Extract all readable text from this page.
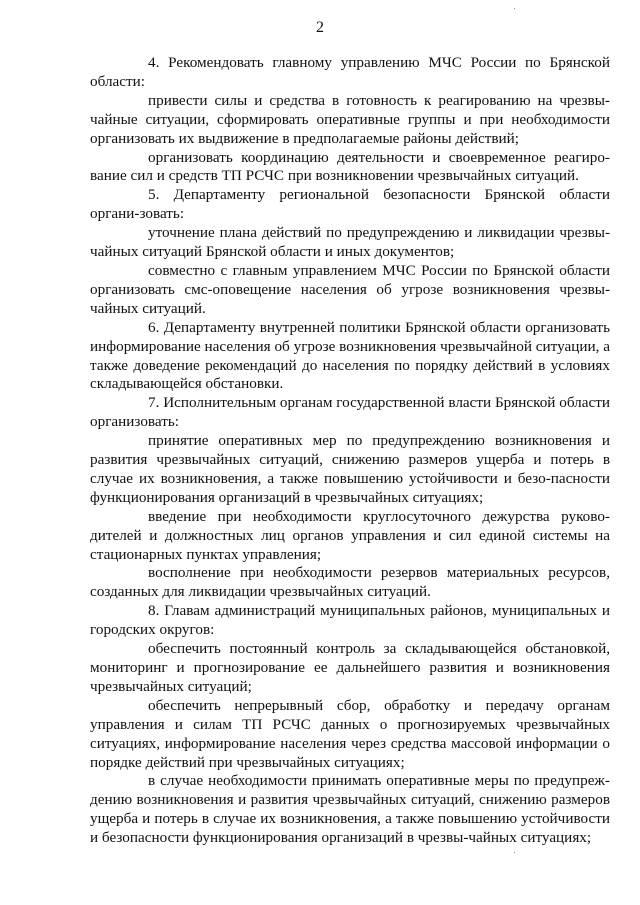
2

4. Рекомендовать главному управлению МЧС России по Брянской области:

привести силы и средства в готовность к реагированию на чрезвы-чайные ситуации, сформировать оперативные группы и при необходимости организовать их выдвижение в предполагаемые районы действий;

организовать координацию деятельности и своевременное реагиро-вание сил и средств ТП РСЧС при возникновении чрезвычайных ситуаций.

5. Департаменту региональной безопасности Брянской области органи-зовать:

уточнение плана действий по предупреждению и ликвидации чрезвы-чайных ситуаций Брянской области и иных документов;

совместно с главным управлением МЧС России по Брянской области организовать смс-оповещение населения об угрозе возникновения чрезвы-чайных ситуаций.

6. Департаменту внутренней политики Брянской области организовать информирование населения об угрозе возникновения чрезвычайной ситуации, а также доведение рекомендаций до населения по порядку действий в условиях складывающейся обстановки.

7. Исполнительным органам государственной власти Брянской области организовать:

принятие оперативных мер по предупреждению возникновения и развития чрезвычайных ситуаций, снижению размеров ущерба и потерь в случае их возникновения, а также повышению устойчивости и безо-пасности функционирования организаций в чрезвычайных ситуациях;

введение при необходимости круглосуточного дежурства руково-дителей и должностных лиц органов управления и сил единой системы на стационарных пунктах управления;

восполнение при необходимости резервов материальных ресурсов, созданных для ликвидации чрезвычайных ситуаций.

8. Главам администраций муниципальных районов, муниципальных и городских округов:

обеспечить постоянный контроль за складывающейся обстановкой, мониторинг и прогнозирование ее дальнейшего развития и возникновения чрезвычайных ситуаций;

обеспечить непрерывный сбор, обработку и передачу органам управления и силам ТП РСЧС данных о прогнозируемых чрезвычайных ситуациях, информирование населения через средства массовой информации о порядке действий при чрезвычайных ситуациях;

в случае необходимости принимать оперативные меры по предупреж-дению возникновения и развития чрезвычайных ситуаций, снижению размеров ущерба и потерь в случае их возникновения, а также повышению устойчивости и безопасности функционирования организаций в чрезвы-чайных ситуациях;
